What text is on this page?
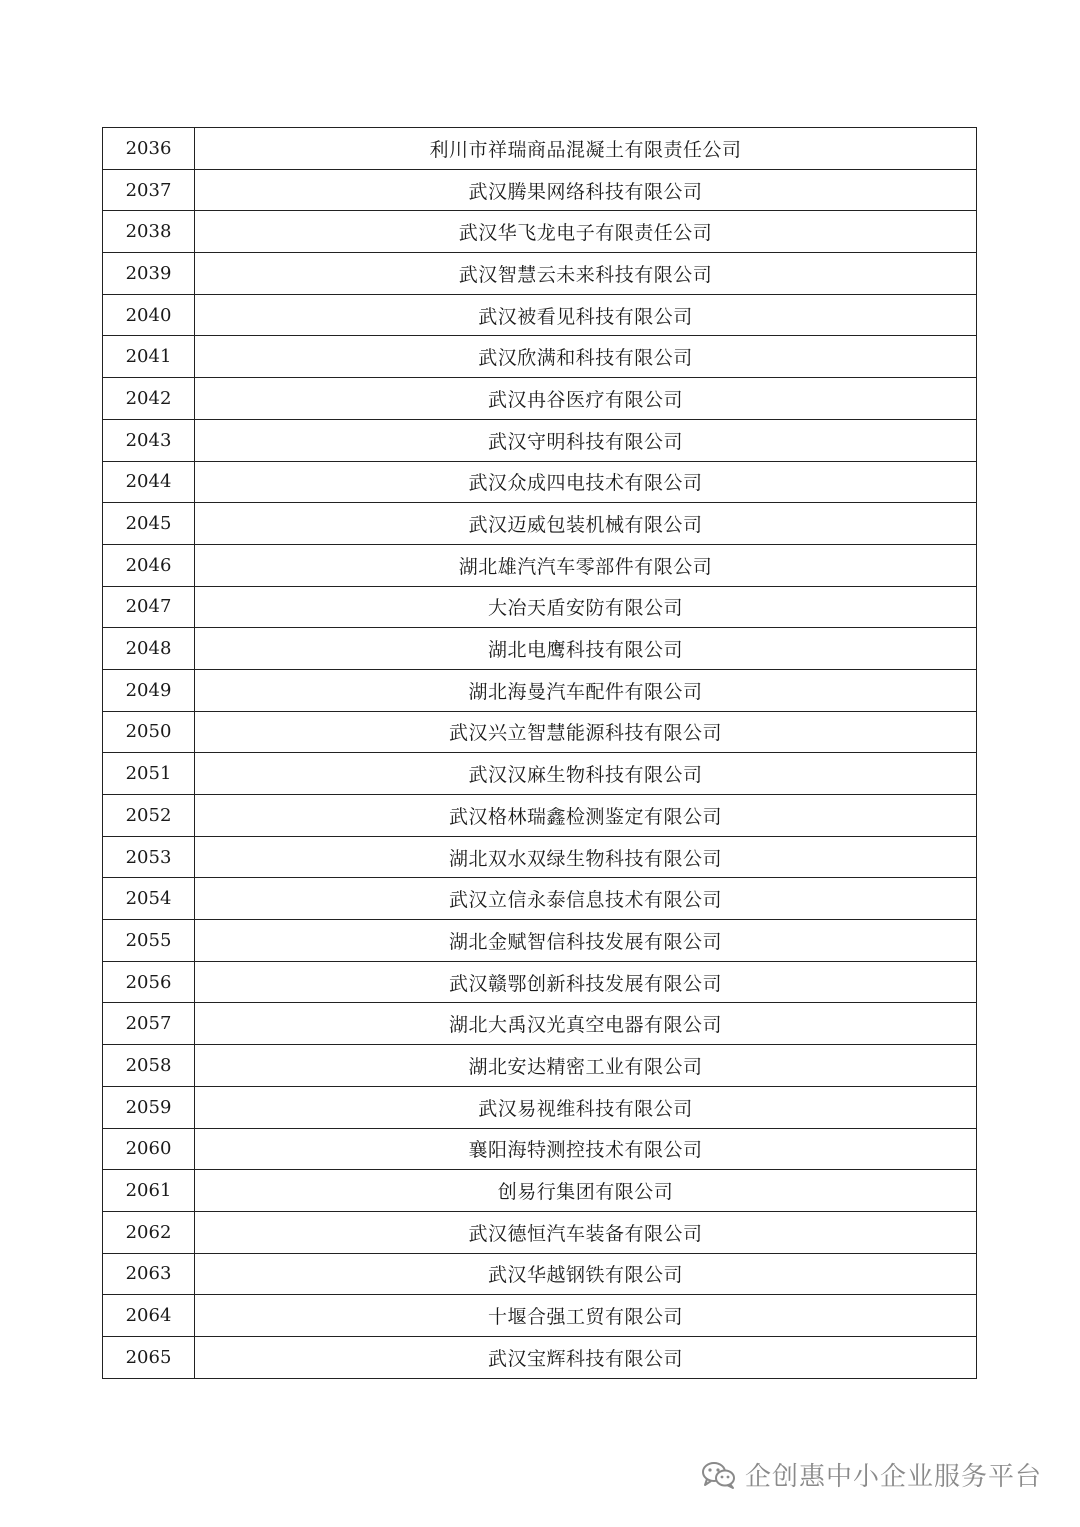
2036	利川市祥瑞商品混凝土有限责任公司
2037	武汉腾果网络科技有限公司
2038	武汉华飞龙电子有限责任公司
2039	武汉智慧云未来科技有限公司
2040	武汉被看见科技有限公司
2041	武汉欣满和科技有限公司
2042	武汉冉谷医疗有限公司
2043	武汉守明科技有限公司
2044	武汉众成四电技术有限公司
2045	武汉迈威包装机械有限公司
2046	湖北雄汽汽车零部件有限公司
2047	大冶天盾安防有限公司
2048	湖北电鹰科技有限公司
2049	湖北海曼汽车配件有限公司
2050	武汉兴立智慧能源科技有限公司
2051	武汉汉麻生物科技有限公司
2052	武汉格林瑞鑫检测鉴定有限公司
2053	湖北双水双绿生物科技有限公司
2054	武汉立信永泰信息技术有限公司
2055	湖北金赋智信科技发展有限公司
2056	武汉赣鄂创新科技发展有限公司
2057	湖北大禹汉光真空电器有限公司
2058	湖北安达精密工业有限公司
2059	武汉易视维科技有限公司
2060	襄阳海特测控技术有限公司
2061	创易行集团有限公司
2062	武汉德恒汽车装备有限公司
2063	武汉华越钢铁有限公司
2064	十堰合强工贸有限公司
2065	武汉宝辉科技有限公司
企创惠中小企业服务平台
